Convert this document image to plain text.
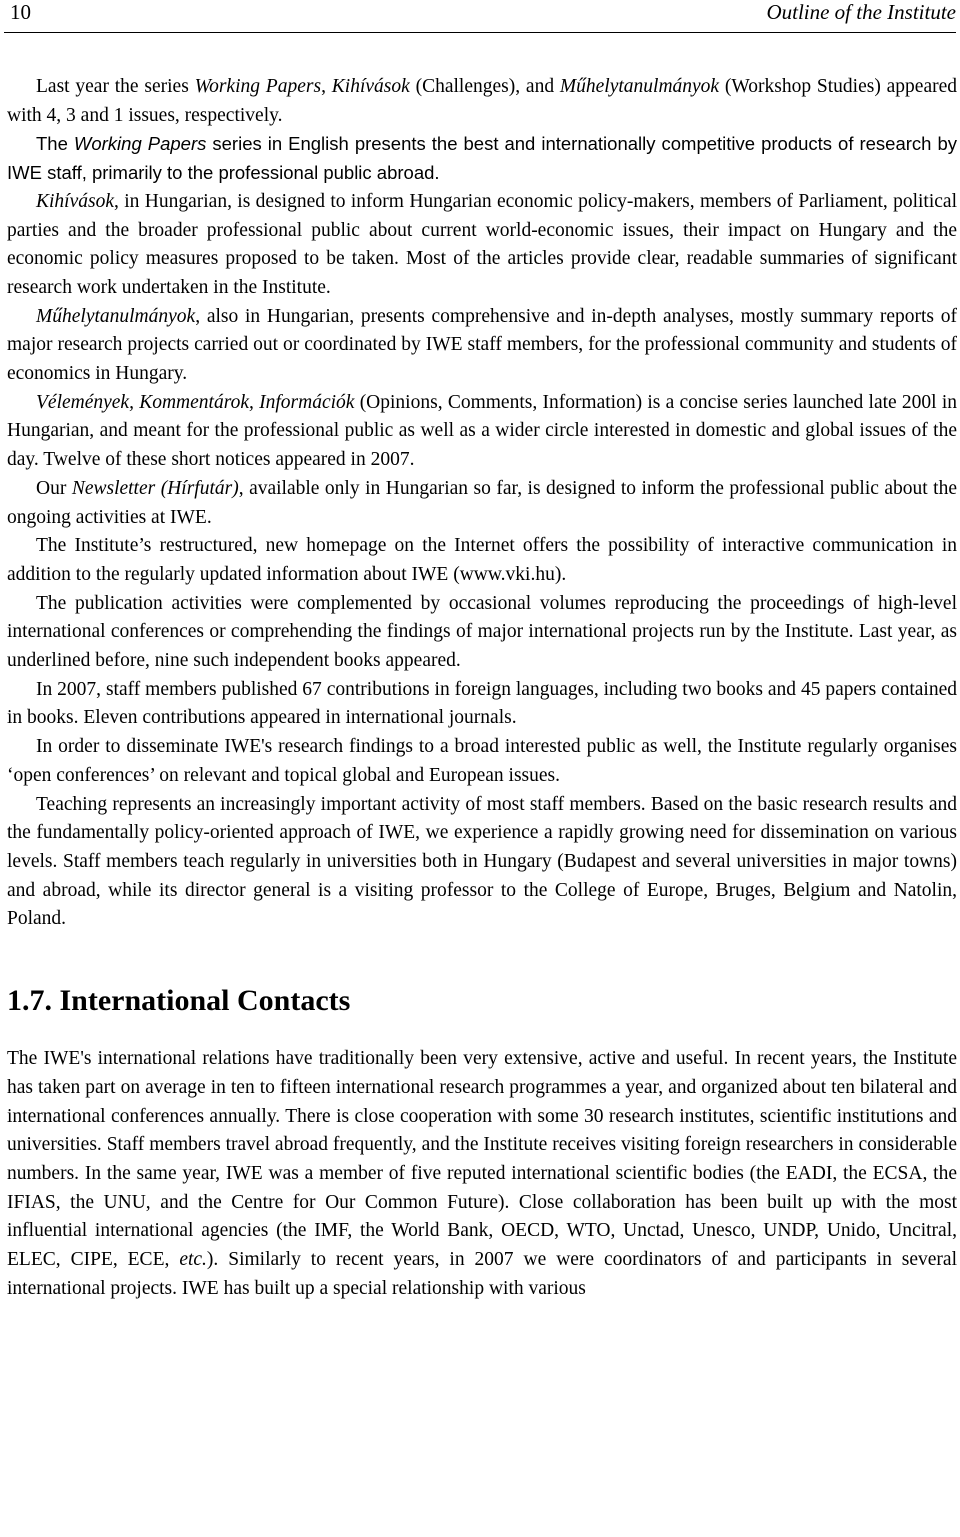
10	Outline of the Institute

Last year the series Working Papers, Kihívások (Challenges), and Műhelytanulmányok (Workshop Studies) appeared with 4, 3 and 1 issues, respectively.

The Working Papers series in English presents the best and internationally competitive products of research by IWE staff, primarily to the professional public abroad.

Kihívások, in Hungarian, is designed to inform Hungarian economic policy-makers, members of Parliament, political parties and the broader professional public about current world-economic issues, their impact on Hungary and the economic policy measures proposed to be taken. Most of the articles provide clear, readable summaries of significant research work undertaken in the Institute.

Műhelytanulmányok, also in Hungarian, presents comprehensive and in-depth analyses, mostly summary reports of major research projects carried out or coordinated by IWE staff members, for the professional community and students of economics in Hungary.

Vélemények, Kommentárok, Információk (Opinions, Comments, Information) is a concise series launched late 200l in Hungarian, and meant for the professional public as well as a wider circle interested in domestic and global issues of the day. Twelve of these short notices appeared in 2007.

Our Newsletter (Hírfutár), available only in Hungarian so far, is designed to inform the professional public about the ongoing activities at IWE.

The Institute’s restructured, new homepage on the Internet offers the possibility of interactive communication in addition to the regularly updated information about IWE (www.vki.hu).

The publication activities were complemented by occasional volumes reproducing the proceedings of high-level international conferences or comprehending the findings of major international projects run by the Institute. Last year, as underlined before, nine such independent books appeared.

In 2007, staff members published 67 contributions in foreign languages, including two books and 45 papers contained in books. Eleven contributions appeared in international journals.

In order to disseminate IWE's research findings to a broad interested public as well, the Institute regularly organises ‘open conferences’ on relevant and topical global and European issues.

Teaching represents an increasingly important activity of most staff members. Based on the basic research results and the fundamentally policy-oriented approach of IWE, we experience a rapidly growing need for dissemination on various levels. Staff members teach regularly in universities both in Hungary (Budapest and several universities in major towns) and abroad, while its director general is a visiting professor to the College of Europe, Bruges, Belgium and Natolin, Poland.

1.7. International Contacts

The IWE's international relations have traditionally been very extensive, active and useful. In recent years, the Institute has taken part on average in ten to fifteen international research programmes a year, and organized about ten bilateral and international conferences annually. There is close cooperation with some 30 research institutes, scientific institutions and universities. Staff members travel abroad frequently, and the Institute receives visiting foreign researchers in considerable numbers. In the same year, IWE was a member of five reputed international scientific bodies (the EADI, the ECSA, the IFIAS, the UNU, and the Centre for Our Common Future). Close collaboration has been built up with the most influential international agencies (the IMF, the World Bank, OECD, WTO, Unctad, Unesco, UNDP, Unido, Uncitral, ELEC, CIPE, ECE, etc.). Similarly to recent years, in 2007 we were coordinators of and participants in several international projects. IWE has built up a special relationship with various
